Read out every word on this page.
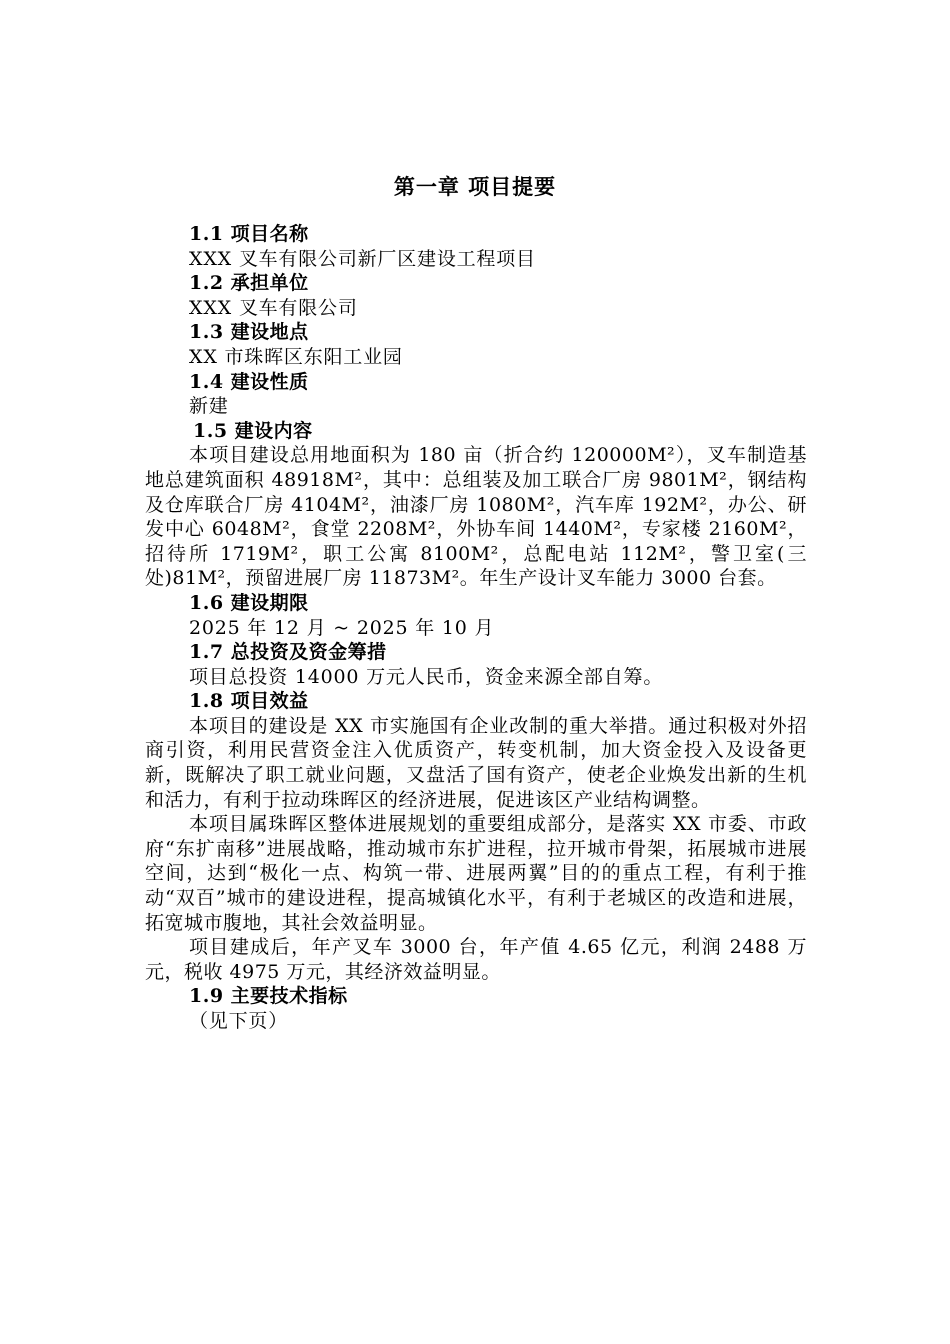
第一章 项目提要
1.1 项目名称
XXX 叉车有限公司新厂区建设工程项目
1.2 承担单位
XXX 叉车有限公司
1.3 建设地点
XX 市珠晖区东阳工业园
1.4 建设性质
新建
1.5 建设内容
本项目建设总用地面积为 180 亩（折合约 120000M²），叉车制造基地总建筑面积 48918M²，其中：总组装及加工联合厂房 9801M²，钢结构及仓库联合厂房 4104M²，油漆厂房 1080M²，汽车库 192M²，办公、研发中心 6048M²，食堂 2208M²，外协车间 1440M²，专家楼 2160M²，招待所 1719M²，职工公寓 8100M²，总配电站 112M²，警卫室(三处)81M²，预留进展厂房 11873M²。年生产设计叉车能力 3000 台套。
1.6 建设期限
2025 年 12 月 ~ 2025 年 10 月
1.7 总投资及资金筹措
项目总投资 14000 万元人民币，资金来源全部自筹。
1.8 项目效益
本项目的建设是 XX 市实施国有企业改制的重大举措。通过积极对外招商引资，利用民营资金注入优质资产，转变机制，加大资金投入及设备更新，既解决了职工就业问题，又盘活了国有资产，使老企业焕发出新的生机和活力，有利于拉动珠晖区的经济进展，促进该区产业结构调整。
本项目属珠晖区整体进展规划的重要组成部分，是落实 XX 市委、市政府“东扩南移”进展战略，推动城市东扩进程，拉开城市骨架，拓展城市进展空间，达到“极化一点、构筑一带、进展两翼”目的的重点工程，有利于推动“双百”城市的建设进程，提高城镇化水平，有利于老城区的改造和进展，拓宽城市腹地，其社会效益明显。
项目建成后，年产叉车 3000 台，年产值 4.65 亿元，利润 2488 万元，税收 4975 万元，其经济效益明显。
1.9 主要技术指标
（见下页）
